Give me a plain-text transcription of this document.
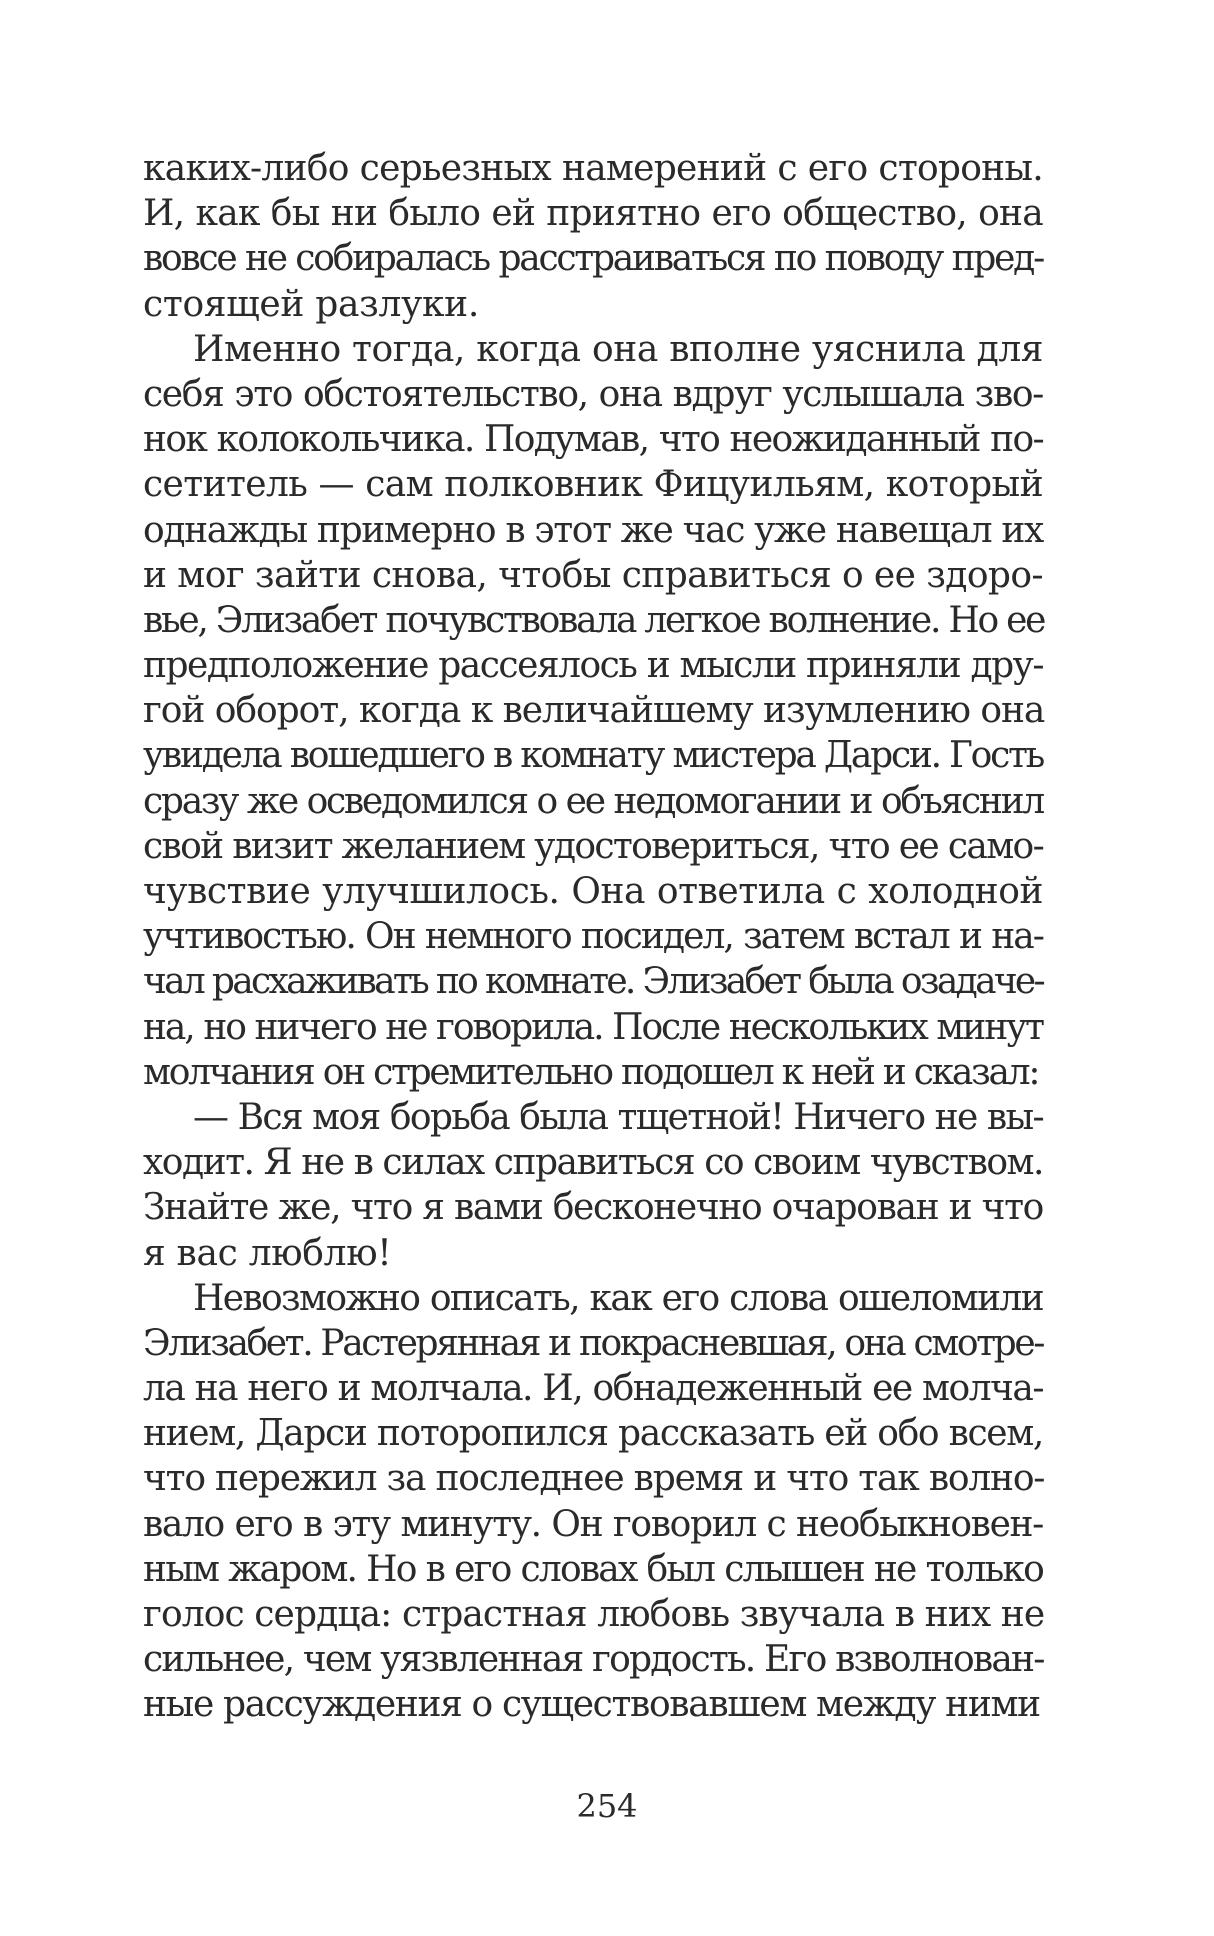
каких-либо серьезных намерений с его стороны.
И, как бы ни было ей приятно его общество, она
вовсе не собиралась расстраиваться по поводу пред-
стоящей разлуки.
Именно тогда, когда она вполне уяснила для
себя это обстоятельство, она вдруг услышала зво-
нок колокольчика. Подумав, что неожиданный по-
сетитель — сам полковник Фицуильям, который
однажды примерно в этот же час уже навещал их
и мог зайти снова, чтобы справиться о ее здоро-
вье, Элизабет почувствовала легкое волнение. Но ее
предположение рассеялось и мысли приняли дру-
гой оборот, когда к величайшему изумлению она
увидела вошедшего в комнату мистера Дарси. Гость
сразу же осведомился о ее недомогании и объяснил
свой визит желанием удостовериться, что ее само-
чувствие улучшилось. Она ответила с холодной
учтивостью. Он немного посидел, затем встал и на-
чал расхаживать по комнате. Элизабет была озадаче-
на, но ничего не говорила. После нескольких минут
молчания он стремительно подошел к ней и сказал:
— Вся моя борьба была тщетной! Ничего не вы-
ходит. Я не в силах справиться со своим чувством.
Знайте же, что я вами бесконечно очарован и что
я вас люблю!
Невозможно описать, как его слова ошеломили
Элизабет. Растерянная и покрасневшая, она смотре-
ла на него и молчала. И, обнадеженный ее молча-
нием, Дарси поторопился рассказать ей обо всем,
что пережил за последнее время и что так волно-
вало его в эту минуту. Он говорил с необыкновен-
ным жаром. Но в его словах был слышен не только
голос сердца: страстная любовь звучала в них не
сильнее, чем уязвленная гордость. Его взволнован-
ные рассуждения о существовавшем между ними
254
